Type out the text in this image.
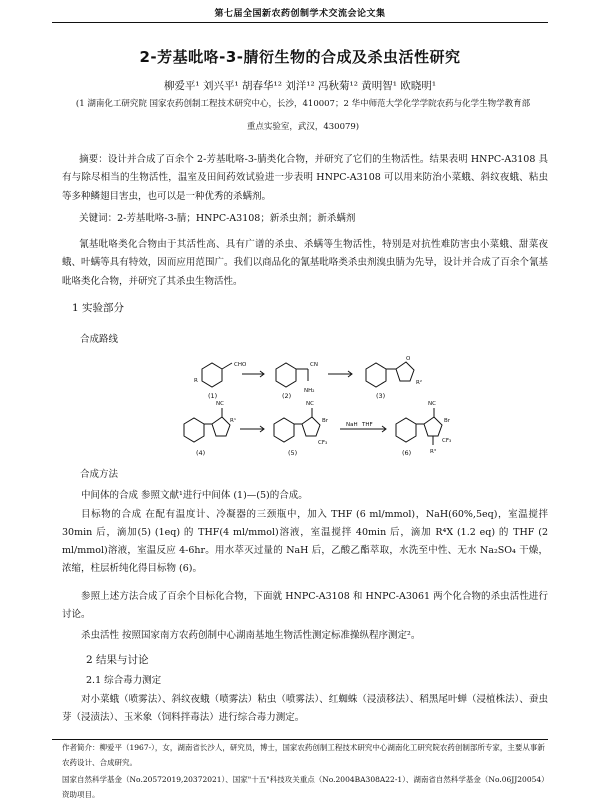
第七届全国新农药创制学术交流会论文集
2-芳基吡咯-3-腈衍生物的合成及杀虫活性研究
柳爱平¹ 刘兴平¹ 胡春华¹² 刘洋¹² 冯秋菊¹² 黄明智¹ 欧晓明¹
(1 湖南化工研究院 国家农药创制工程技术研究中心，长沙，410007；2 华中师范大学化学学院农药与化学生物学教育部
重点实验室，武汉，430079)
摘要：设计并合成了百余个 2-芳基吡咯-3-腈类化合物，并研究了它们的生物活性。结果表明 HNPC-A3108 具有与除尽相当的生物活性，温室及田间药效试验进一步表明 HNPC-A3108 可以用来防治小菜蛾、斜纹夜蛾、粘虫等多种鳞翅目害虫，也可以是一种优秀的杀螨剂。
关键词：2-芳基吡咯-3-腈；HNPC-A3108；新杀虫剂；新杀螨剂
氰基吡咯类化合物由于其活性高、具有广谱的杀虫、杀螨等生物活性，特别是对抗性难防害虫小菜蛾、甜菜夜蛾、叶螨等具有特效，因而应用范围广。我们以商品化的氰基吡咯类杀虫剂溴虫腈为先导，设计并合成了百余个氰基吡咯类化合物，并研究了其杀虫生物活性。
1 实验部分
合成路线
R
CHO	CN
NH₂
O
R²
NC
R¹
NC
Br
CF₃
NaH THF
NC
Br
CF₃
R³
(1)	(2)	(3)
(4)	(5)	(6)
合成方法
中间体的合成 参照文献¹进行中间体 (1)—(5)的合成。
目标物的合成 在配有温度计、冷凝器的三颈瓶中，加入 THF (6 ml/mmol)，NaH(60%,5eq)，室温搅拌 30min 后，滴加(5) (1eq) 的 THF(4 ml/mmol)溶液，室温搅拌 40min 后，滴加 R⁴X (1.2 eq) 的 THF (2 ml/mmol)溶液，室温反应 4-6hr。用水萃灭过量的 NaH 后，乙酸乙酯萃取，水洗至中性、无水 Na₂SO₄ 干燥，浓缩，柱层析纯化得目标物 (6)。
参照上述方法合成了百余个目标化合物，下面就 HNPC-A3108 和 HNPC-A3061 两个化合物的杀虫活性进行讨论。
杀虫活性 按照国家南方农药创制中心湖南基地生物活性测定标准操纵程序测定²。
2 结果与讨论
2.1 综合毒力测定
对小菜蛾（喷雾法）、斜纹夜蛾（喷雾法）粘虫（喷雾法）、红蜘蛛（浸渍移法）、稻黑尾叶蝉（浸植株法）、蚕虫芽（浸渍法）、玉米象（饲料拌毒法）进行综合毒力测定。
作者简介：柳爱平（1967-），女，湖南省长沙人，研究员，博士，国家农药创制工程技术研究中心湖南化工研究院农药创制部所专家，主要从事新农药设计、合成研究。
国家自然科学基金（No.20572019,20372021）、国家"十五"科技攻关重点（No.2004BA308A22-1）、湖南省自然科学基金（No.06JJ20054）资助项目。
